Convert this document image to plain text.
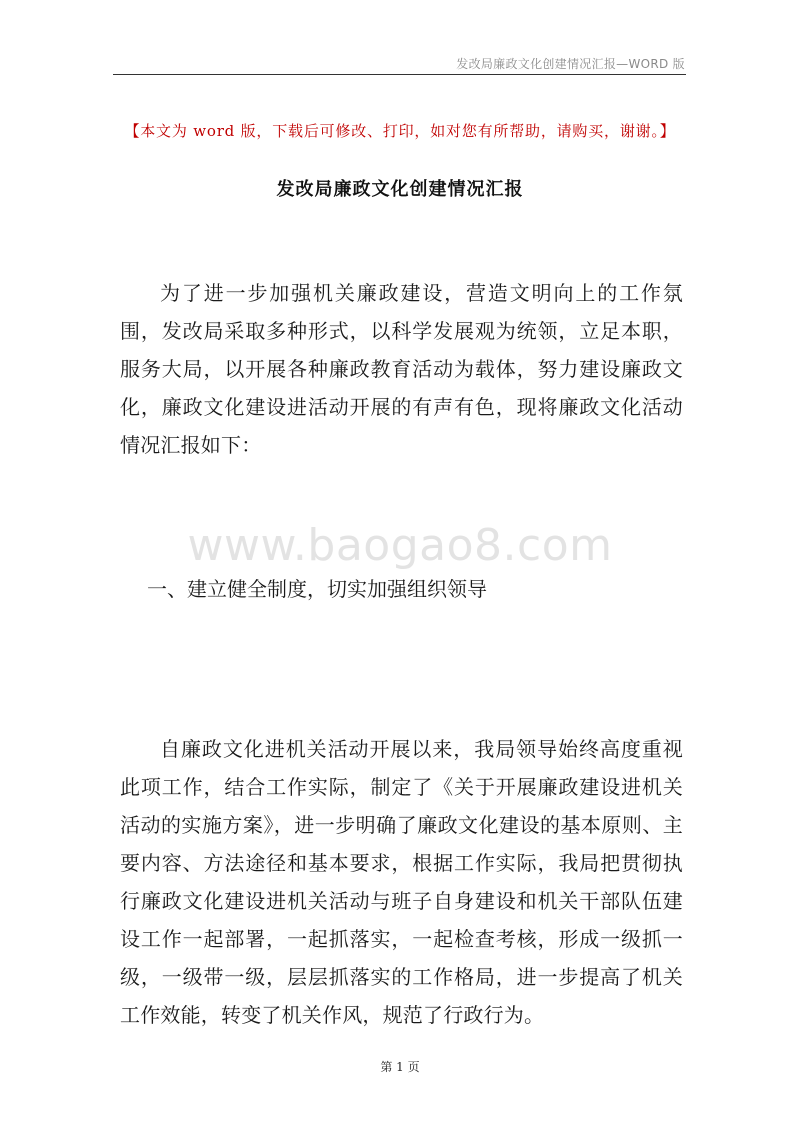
发改局廉政文化创建情况汇报—WORD 版
【本文为 word 版，下载后可修改、打印，如对您有所帮助，请购买，谢谢。】
发改局廉政文化创建情况汇报

为了进一步加强机关廉政建设，营造文明向上的工作氛围，发改局采取多种形式，以科学发展观为统领，立足本职，服务大局，以开展各种廉政教育活动为载体，努力建设廉政文化，廉政文化建设进活动开展的有声有色，现将廉政文化活动情况汇报如下：

www.baogao8.com

一、建立健全制度，切实加强组织领导

自廉政文化进机关活动开展以来，我局领导始终高度重视此项工作，结合工作实际，制定了《关于开展廉政建设进机关活动的实施方案》，进一步明确了廉政文化建设的基本原则、主要内容、方法途径和基本要求，根据工作实际，我局把贯彻执行廉政文化建设进机关活动与班子自身建设和机关干部队伍建设工作一起部署，一起抓落实，一起检查考核，形成一级抓一级，一级带一级，层层抓落实的工作格局，进一步提高了机关工作效能，转变了机关作风，规范了行政行为。

第 1 页
